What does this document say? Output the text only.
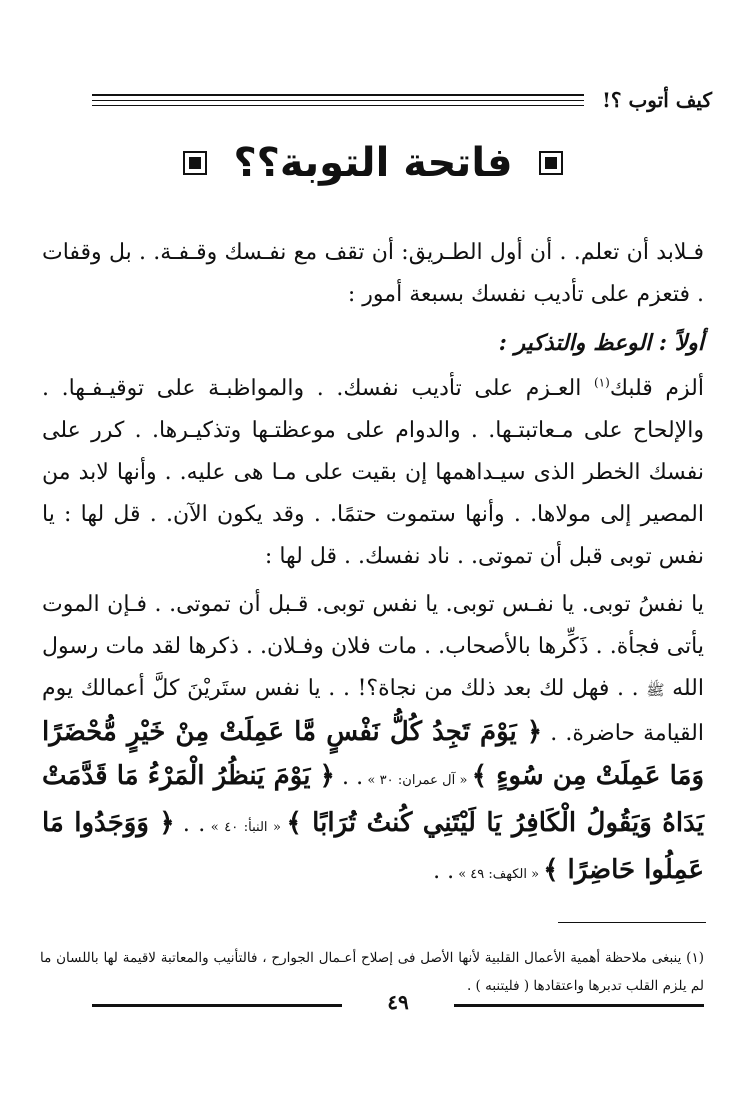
كيف أتوب ؟!
فاتحة التوبة؟؟

فـلابد أن تعلم. . أن أول الطـريق: أن تقف مع نفـسك وقـفـة. . بل وقفات . فتعزم على تأديب نفسك بسبعة أمور :

أولاً : الوعظ والتذكير :

ألزم قلبك$^{(١)}$ العـزم على تأديب نفسك. . والمواظبـة على توقيـفـها. . والإلحاح على مـعاتبتـها. . والدوام على موعظتـها وتذكيـرها. . كرر على نفسك الخطر الذى سيـداهمها إن بقيت على مـا هى عليه. . وأنها لابد من المصير إلى مولاها. . وأنها ستموت حتمًا. . وقد يكون الآن. . قل لها : يا نفس توبى قبل أن تموتى. . ناد نفسك. . قل لها :

يا نفسُ توبى. يا نفـس توبى. يا نفس توبى. قـبل أن تموتى. . فـإن الموت يأتى فجأة. . ذَكِّرها بالأصحاب. . مات فلان وفـلان. . ذكرها لقد مات رسول الله ﷺ . . فهل لك بعد ذلك من نجاة؟! . . يا نفس ستَريْنَ كلَّ أعمالك يوم القيامة حاضرة. . ﴿ يَوْمَ تَجِدُ كُلُّ نَفْسٍ مَّا عَمِلَتْ مِنْ خَيْرٍ مُّحْضَرًا وَمَا عَمِلَتْ مِن سُوءٍ ﴾ « آل عمران: ٣٠ » . . ﴿ يَوْمَ يَنظُرُ الْمَرْءُ مَا قَدَّمَتْ يَدَاهُ وَيَقُولُ الْكَافِرُ يَا لَيْتَنِي كُنتُ تُرَابًا ﴾ « النبأ: ٤٠ » . . ﴿ وَوَجَدُوا مَا عَمِلُوا حَاضِرًا ﴾ « الكهف: ٤٩ » . .

(١) ينبغى ملاحظة أهمية الأعمال القلبية لأنها الأصل فى إصلاح أعـمال الجوارح ، فالتأنيب والمعاتبة لاقيمة لها باللسان ما لم يلزم القلب تدبرها واعتقادها ( فليتنبه ) .

٤٩
